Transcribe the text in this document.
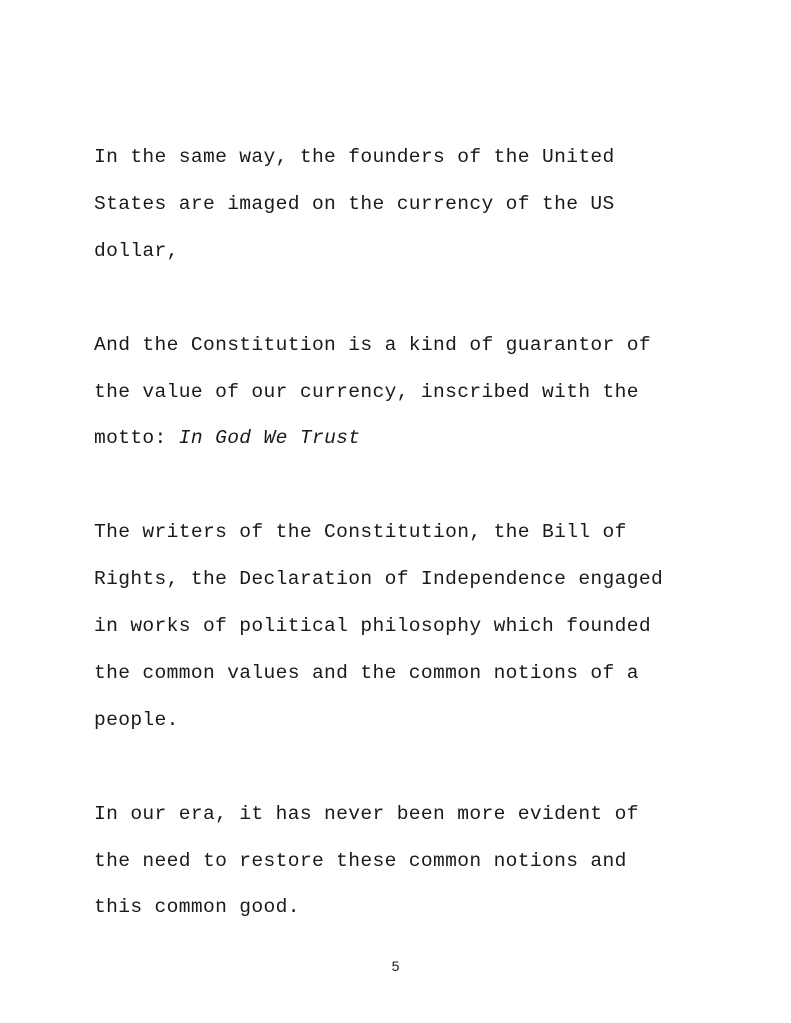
In the same way, the founders of the United
States are imaged on the currency of the US
dollar,

And the Constitution is a kind of guarantor of
the value of our currency, inscribed with the
motto: In God We Trust

The writers of the Constitution, the Bill of
Rights, the Declaration of Independence engaged
in works of political philosophy which founded
the common values and the common notions of a
people.

In our era, it has never been more evident of
the need to restore these common notions and
this common good.

5
